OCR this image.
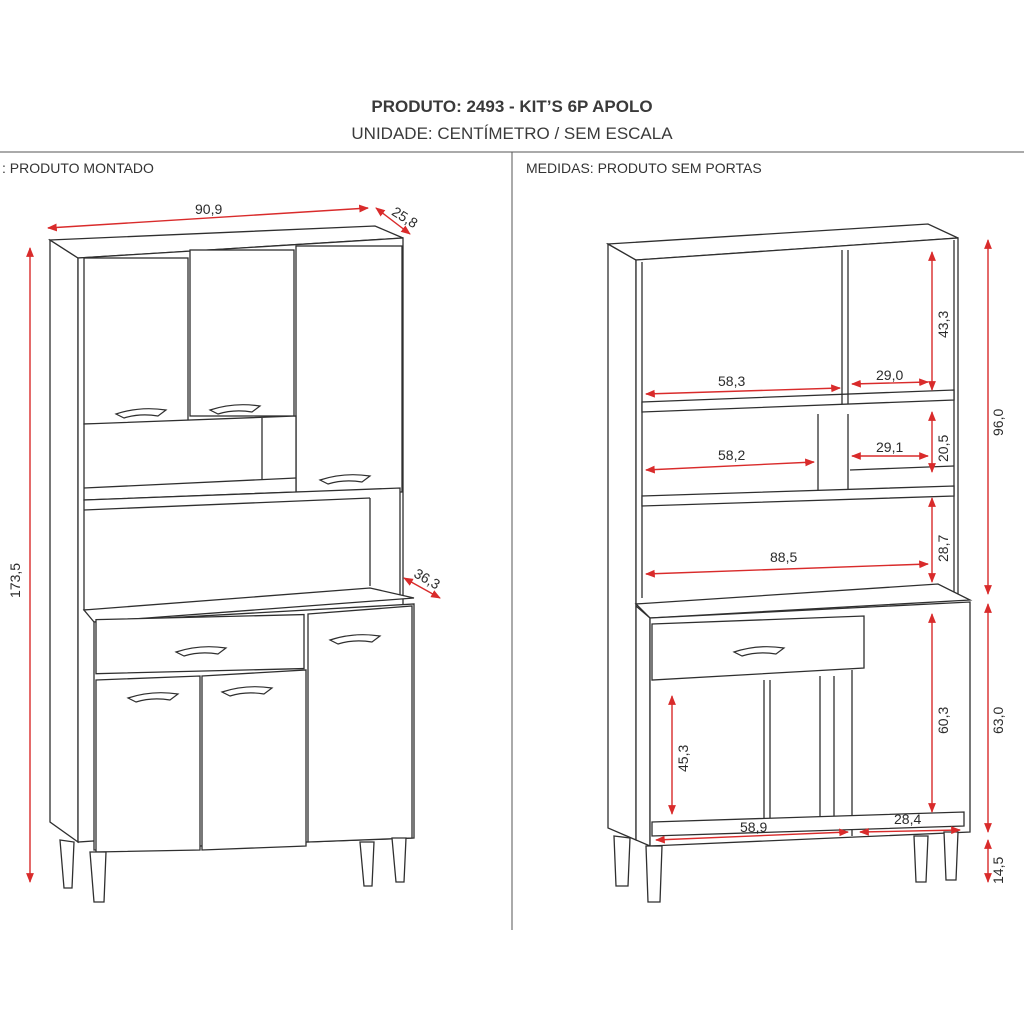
PRODUTO: 2493 - KIT’S 6P APOLO
UNIDADE: CENTÍMETRO / SEM ESCALA
: PRODUTO MONTADO	MEDIDAS: PRODUTO SEM PORTAS
90,9	25,8
173,5	36,3
58,3	29,0
43,3
58,2	29,1 20,5
88,5	28,7
96,0
63,0
60,3
45,3
58,9	28,4
14,5
